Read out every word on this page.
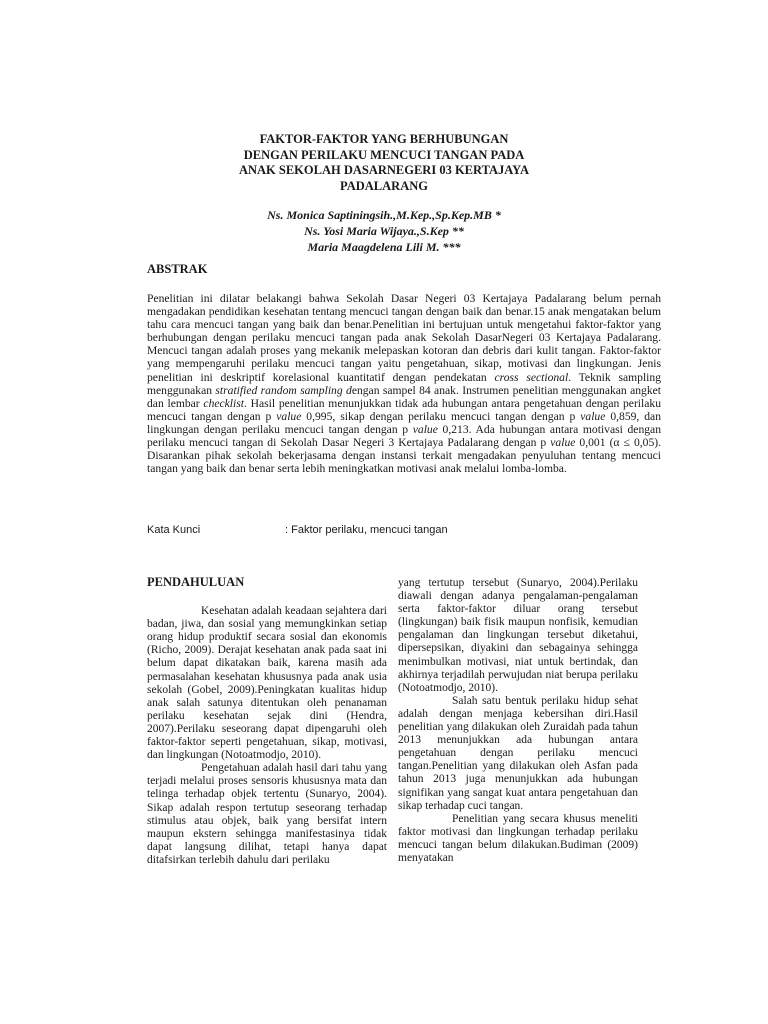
FAKTOR-FAKTOR YANG BERHUBUNGAN
DENGAN PERILAKU MENCUCI TANGAN PADA
ANAK SEKOLAH DASARNEGERI 03 KERTAJAYA
PADALARANG
Ns. Monica Saptiningsih.,M.Kep.,Sp.Kep.MB *
Ns. Yosi Maria Wijaya.,S.Kep **
Maria Maagdelena Lili M. ***
ABSTRAK

Penelitian ini dilatar belakangi bahwa Sekolah Dasar Negeri 03 Kertajaya Padalarang belum pernah mengadakan pendidikan kesehatan tentang mencuci tangan dengan baik dan benar.15 anak mengatakan belum tahu cara mencuci tangan yang baik dan benar.Penelitian ini bertujuan untuk mengetahui faktor-faktor yang berhubungan dengan perilaku mencuci tangan pada anak Sekolah DasarNegeri 03 Kertajaya Padalarang. Mencuci tangan adalah proses yang mekanik melepaskan kotoran dan debris dari kulit tangan. Faktor-faktor yang mempengaruhi perilaku mencuci tangan yaitu pengetahuan, sikap, motivasi dan lingkungan. Jenis penelitian ini deskriptif korelasional kuantitatif dengan pendekatan cross sectional. Teknik sampling menggunakan stratified random sampling dengan sampel 84 anak. Instrumen penelitian menggunakan angket dan lembar checklist. Hasil penelitian menunjukkan tidak ada hubungan antara pengetahuan dengan perilaku mencuci tangan dengan p value 0,995, sikap dengan perilaku mencuci tangan dengan p value 0,859, dan lingkungan dengan perilaku mencuci tangan dengan p value 0,213. Ada hubungan antara motivasi dengan perilaku mencuci tangan di Sekolah Dasar Negeri 3 Kertajaya Padalarang dengan p value 0,001 (α ≤ 0,05). Disarankan pihak sekolah bekerjasama dengan instansi terkait mengadakan penyuluhan tentang mencuci tangan yang baik dan benar serta lebih meningkatkan motivasi anak melalui lomba-lomba.

Kata Kunci	: Faktor perilaku, mencuci tangan
PENDAHULUAN

Kesehatan adalah keadaan sejahtera dari badan, jiwa, dan sosial yang memungkinkan setiap orang hidup produktif secara sosial dan ekonomis (Richo, 2009). Derajat kesehatan anak pada saat ini belum dapat dikatakan baik, karena masih ada permasalahan kesehatan khususnya pada anak usia sekolah (Gobel, 2009).Peningkatan kualitas hidup anak salah satunya ditentukan oleh penanaman perilaku kesehatan sejak dini (Hendra, 2007).Perilaku seseorang dapat dipengaruhi oleh faktor-faktor seperti pengetahuan, sikap, motivasi, dan lingkungan (Notoatmodjo, 2010).

Pengetahuan adalah hasil dari tahu yang terjadi melalui proses sensoris khususnya mata dan telinga terhadap objek tertentu (Sunaryo, 2004). Sikap adalah respon tertutup seseorang terhadap stimulus atau objek, baik yang bersifat intern maupun ekstern sehingga manifestasinya tidak dapat langsung dilihat, tetapi hanya dapat ditafsirkan terlebih dahulu dari perilaku

yang tertutup tersebut (Sunaryo, 2004).Perilaku diawali dengan adanya pengalaman-pengalaman serta faktor-faktor diluar orang tersebut (lingkungan) baik fisik maupun nonfisik, kemudian pengalaman dan lingkungan tersebut diketahui, dipersepsikan, diyakini dan sebagainya sehingga menimbulkan motivasi, niat untuk bertindak, dan akhirnya terjadilah perwujudan niat berupa perilaku (Notoatmodjo, 2010).

Salah satu bentuk perilaku hidup sehat adalah dengan menjaga kebersihan diri.Hasil penelitian yang dilakukan oleh Zuraidah pada tahun 2013 menunjukkan ada hubungan antara pengetahuan dengan perilaku mencuci tangan.Penelitian yang dilakukan oleh Asfan pada tahun 2013 juga menunjukkan ada hubungan signifikan yang sangat kuat antara pengetahuan dan sikap terhadap cuci tangan.

Penelitian yang secara khusus meneliti faktor motivasi dan lingkungan terhadap perilaku mencuci tangan belum dilakukan.Budiman (2009) menyatakan
